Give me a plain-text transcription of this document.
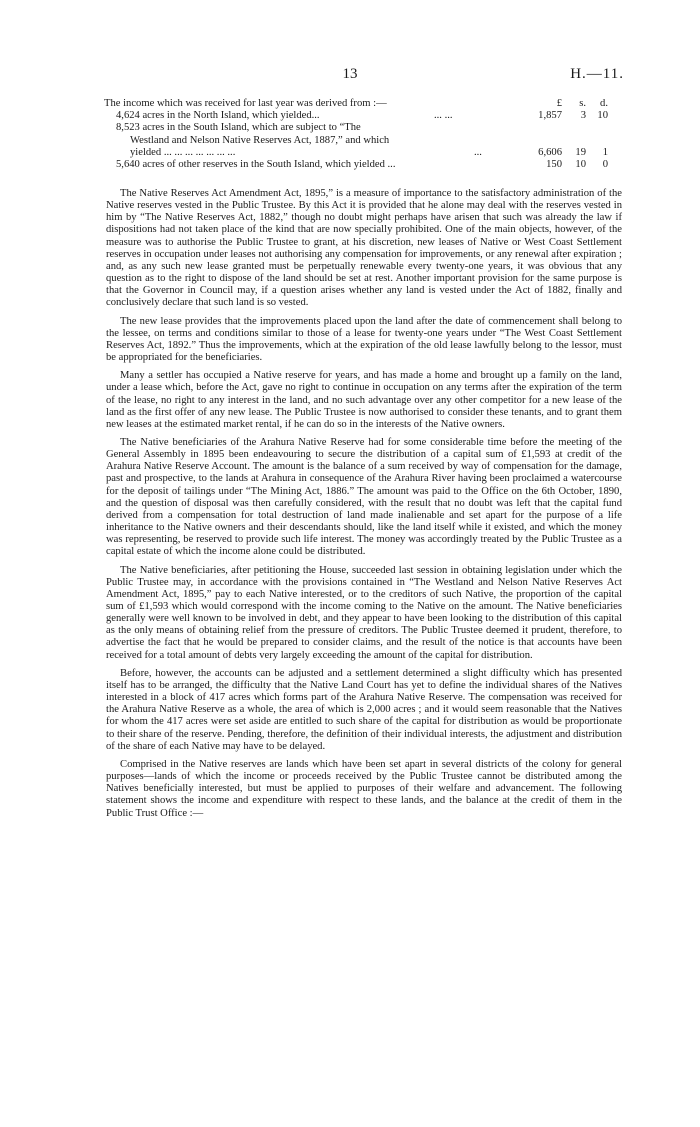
13	H.—11.
The income which was received for last year was derived from :—	£ s. d.
4,624 acres in the North Island, which yielded...	... ...	1,857 3 10
8,523 acres in the South Island, which are subject to “The
Westland and Nelson Native Reserves Act, 1887,” and which
yielded ... ... ... ... ... ... ...	...	6,606 19 1
5,640 acres of other reserves in the South Island, which yielded ...	150 10 0

The Native Reserves Act Amendment Act, 1895,” is a measure of importance to the satisfactory administration of the Native reserves vested in the Public Trustee. By this Act it is provided that he alone may deal with the reserves vested in him by “The Native Reserves Act, 1882,” though no doubt might perhaps have arisen that such was already the law if dispositions had not taken place of the kind that are now specially prohibited. One of the main objects, however, of the measure was to authorise the Public Trustee to grant, at his discretion, new leases of Native or West Coast Settlement reserves in occupation under leases not authorising any compensation for improvements, or any renewal after expiration ; and, as any such new lease granted must be perpetually renewable every twenty-one years, it was obvious that any question as to the right to dispose of the land should be set at rest. Another important provision for the same purpose is that the Governor in Council may, if a question arises whether any land is vested under the Act of 1882, finally and conclusively declare that such land is so vested.

The new lease provides that the improvements placed upon the land after the date of commencement shall belong to the lessee, on terms and conditions similar to those of a lease for twenty-one years under “The West Coast Settlement Reserves Act, 1892.” Thus the improvements, which at the expiration of the old lease lawfully belong to the lessor, must be appropriated for the beneficiaries.

Many a settler has occupied a Native reserve for years, and has made a home and brought up a family on the land, under a lease which, before the Act, gave no right to continue in occupation on any terms after the expiration of the term of the lease, no right to any interest in the land, and no such advantage over any other competitor for a new lease of the land as the first offer of any new lease. The Public Trustee is now authorised to consider these tenants, and to grant them new leases at the estimated market rental, if he can do so in the interests of the Native owners.

The Native beneficiaries of the Arahura Native Reserve had for some considerable time before the meeting of the General Assembly in 1895 been endeavouring to secure the distribution of a capital sum of £1,593 at credit of the Arahura Native Reserve Account. The amount is the balance of a sum received by way of compensation for the damage, past and prospective, to the lands at Arahura in consequence of the Arahura River having been proclaimed a watercourse for the deposit of tailings under “The Mining Act, 1886.” The amount was paid to the Office on the 6th October, 1890, and the question of disposal was then carefully considered, with the result that no doubt was left that the capital fund derived from a compensation for total destruction of land made inalienable and set apart for the purpose of a life inheritance to the Native owners and their descendants should, like the land itself while it existed, and which the money was representing, be reserved to provide such life interest. The money was accordingly treated by the Public Trustee as a capital estate of which the income alone could be distributed.

The Native beneficiaries, after petitioning the House, succeeded last session in obtaining legislation under which the Public Trustee may, in accordance with the provisions contained in “The Westland and Nelson Native Reserves Act Amendment Act, 1895,” pay to each Native interested, or to the creditors of such Native, the proportion of the capital sum of £1,593 which would correspond with the income coming to the Native on the amount. The Native beneficiaries generally were well known to be involved in debt, and they appear to have been looking to the distribution of this capital as the only means of obtaining relief from the pressure of creditors. The Public Trustee deemed it prudent, therefore, to advertise the fact that he would be prepared to consider claims, and the result of the notice is that accounts have been received for a total amount of debts very largely exceeding the amount of the capital for distribution.

Before, however, the accounts can be adjusted and a settlement determined a slight difficulty which has presented itself has to be arranged, the difficulty that the Native Land Court has yet to define the individual shares of the Natives interested in a block of 417 acres which forms part of the Arahura Native Reserve. The compensation was received for the Arahura Native Reserve as a whole, the area of which is 2,000 acres ; and it would seem reasonable that the Natives for whom the 417 acres were set aside are entitled to such share of the capital for distribution as would be proportionate to their share of the reserve. Pending, therefore, the definition of their individual interests, the adjustment and distribution of the share of each Native may have to be delayed.

Comprised in the Native reserves are lands which have been set apart in several districts of the colony for general purposes—lands of which the income or proceeds received by the Public Trustee cannot be distributed among the Natives beneficially interested, but must be applied to purposes of their welfare and advancement. The following statement shows the income and expenditure with respect to these lands, and the balance at the credit of them in the Public Trust Office :—
